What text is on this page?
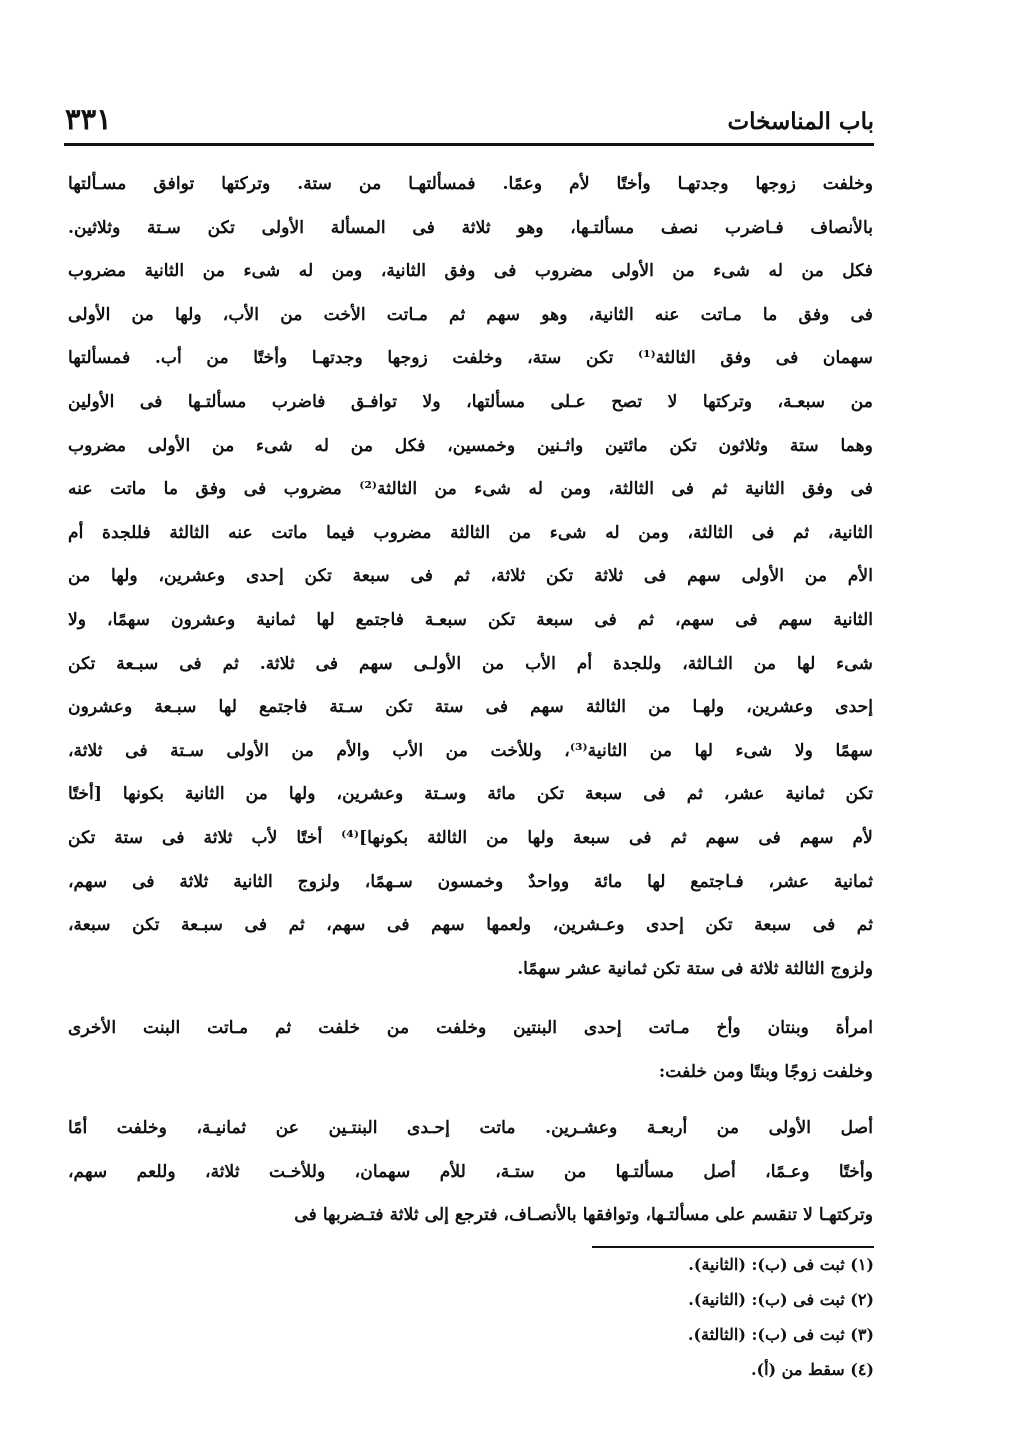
باب المناسخات
٣٣١
وخلفت زوجها وجدتهـا وأختًا لأم وعمًا. فمسألتهـا من ستة. وتركتها توافق مسـألتها
بالأنصاف فـاضرب نصف مسألتـها، وهو ثلاثة فى المسألة الأولى تكن سـتة وثلاثين.
فكل من له شىء من الأولى مضروب فى وفق الثانية، ومن له شىء من الثانية مضروب
فى وفق ما مـاتت عنه الثانية، وهو سهم ثم مـاتت الأخت من الأب، ولها من الأولى
سهمان فى وفق الثالثة⁽¹⁾ تكن ستة، وخلفت زوجها وجدتهـا وأختًا من أب. فمسألتها
من سبعـة، وتركتها لا تصح عـلى مسألتها، ولا توافـق فاضرب مسألتـها فى الأولين
وهما ستة وثلاثون تكن مائتين واثـنين وخمسين، فكل من له شىء من الأولى مضروب
فى وفق الثانية ثم فى الثالثة، ومن له شىء من الثالثة⁽²⁾ مضروب فى وفق ما ماتت عنه
الثانية، ثم فى الثالثة، ومن له شىء من الثالثة مضروب فيما ماتت عنه الثالثة فللجدة أم
الأم من الأولى سهم فى ثلاثة تكن ثلاثة، ثم فى سبعة تكن إحدى وعشرين، ولها من
الثانية سهم فى سهم، ثم فى سبعة تكن سبعـة فاجتمع لها ثمانية وعشرون سهمًا، ولا
شىء لها من الثـالثة، وللجدة أم الأب من الأولـى سهم فى ثلاثة. ثم فى سبـعة تكن
إحدى وعشرين، ولهـا من الثالثة سهم فى ستة تكن سـتة فاجتمع لها سبـعة وعشرون
سهمًا ولا شىء لها من الثانية⁽³⁾، وللأخت من الأب والأم من الأولى سـتة فى ثلاثة،
تكن ثمانية عشر، ثم فى سبعة تكن مائة وسـتة وعشرين، ولها من الثانية بكونها [أختًا
لأم سهم فى سهم ثم فى سبعة ولها من الثالثة بكونها]⁽⁴⁾ أختًا لأب ثلاثة فى ستة تكن
ثمانية عشر، فـاجتمع لها مائة وواحدٌ وخمسون سـهمًا، ولزوج الثانية ثلاثة فى سهم،
ثم فى سبعة تكن إحدى وعـشرين، ولعمها سهم فى سهم، ثم فى سبـعة تكن سبعة،
ولزوج الثالثة ثلاثة فى ستة تكن ثمانية عشر سهمًا.
امرأة وبنتان وأخ مـاتت إحدى البنتين وخلفت من خلفت ثم مـاتت البنت الأخرى
وخلفت زوجًا وبنتًا ومن خلفت:
أصل الأولى من أربعـة وعشـرين. ماتت إحـدى البنتـين عن ثمانيـة، وخلفت أمًا
وأختًا وعـمًا، أصل مسألتـها من ستـة، للأم سهمان، وللأخـت ثلاثة، وللعم سهم،
وتركتهـا لا تنقسم على مسألتـها، وتوافقها بالأنصـاف، فترجع إلى ثلاثة فتـضربها فى
(١) ثبت فى (ب): (الثانية).
(٢) ثبت فى (ب): (الثانية).
(٣) ثبت فى (ب): (الثالثة).
(٤) سقط من (أ).
